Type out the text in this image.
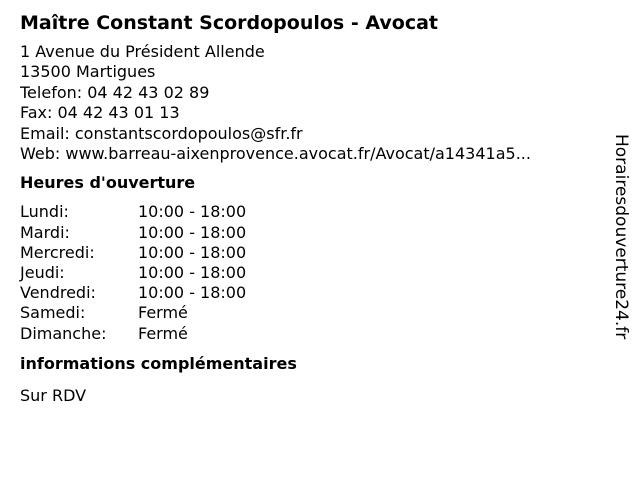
Maître Constant Scordopoulos - Avocat
1 Avenue du Président Allende
13500 Martigues
Telefon: 04 42 43 02 89
Fax: 04 42 43 01 13
Email: constantscordopoulos@sfr.fr
Web: www.barreau-aixenprovence.avocat.fr/Avocat/a14341a5...
Heures d'ouverture
Lundi:	10:00 - 18:00
Mardi:	10:00 - 18:00
Mercredi:	10:00 - 18:00
Jeudi:	10:00 - 18:00
Vendredi:	10:00 - 18:00
Samedi:	Fermé
Dimanche:	Fermé
informations complémentaires
Sur RDV
Horairesdouverture24.fr
